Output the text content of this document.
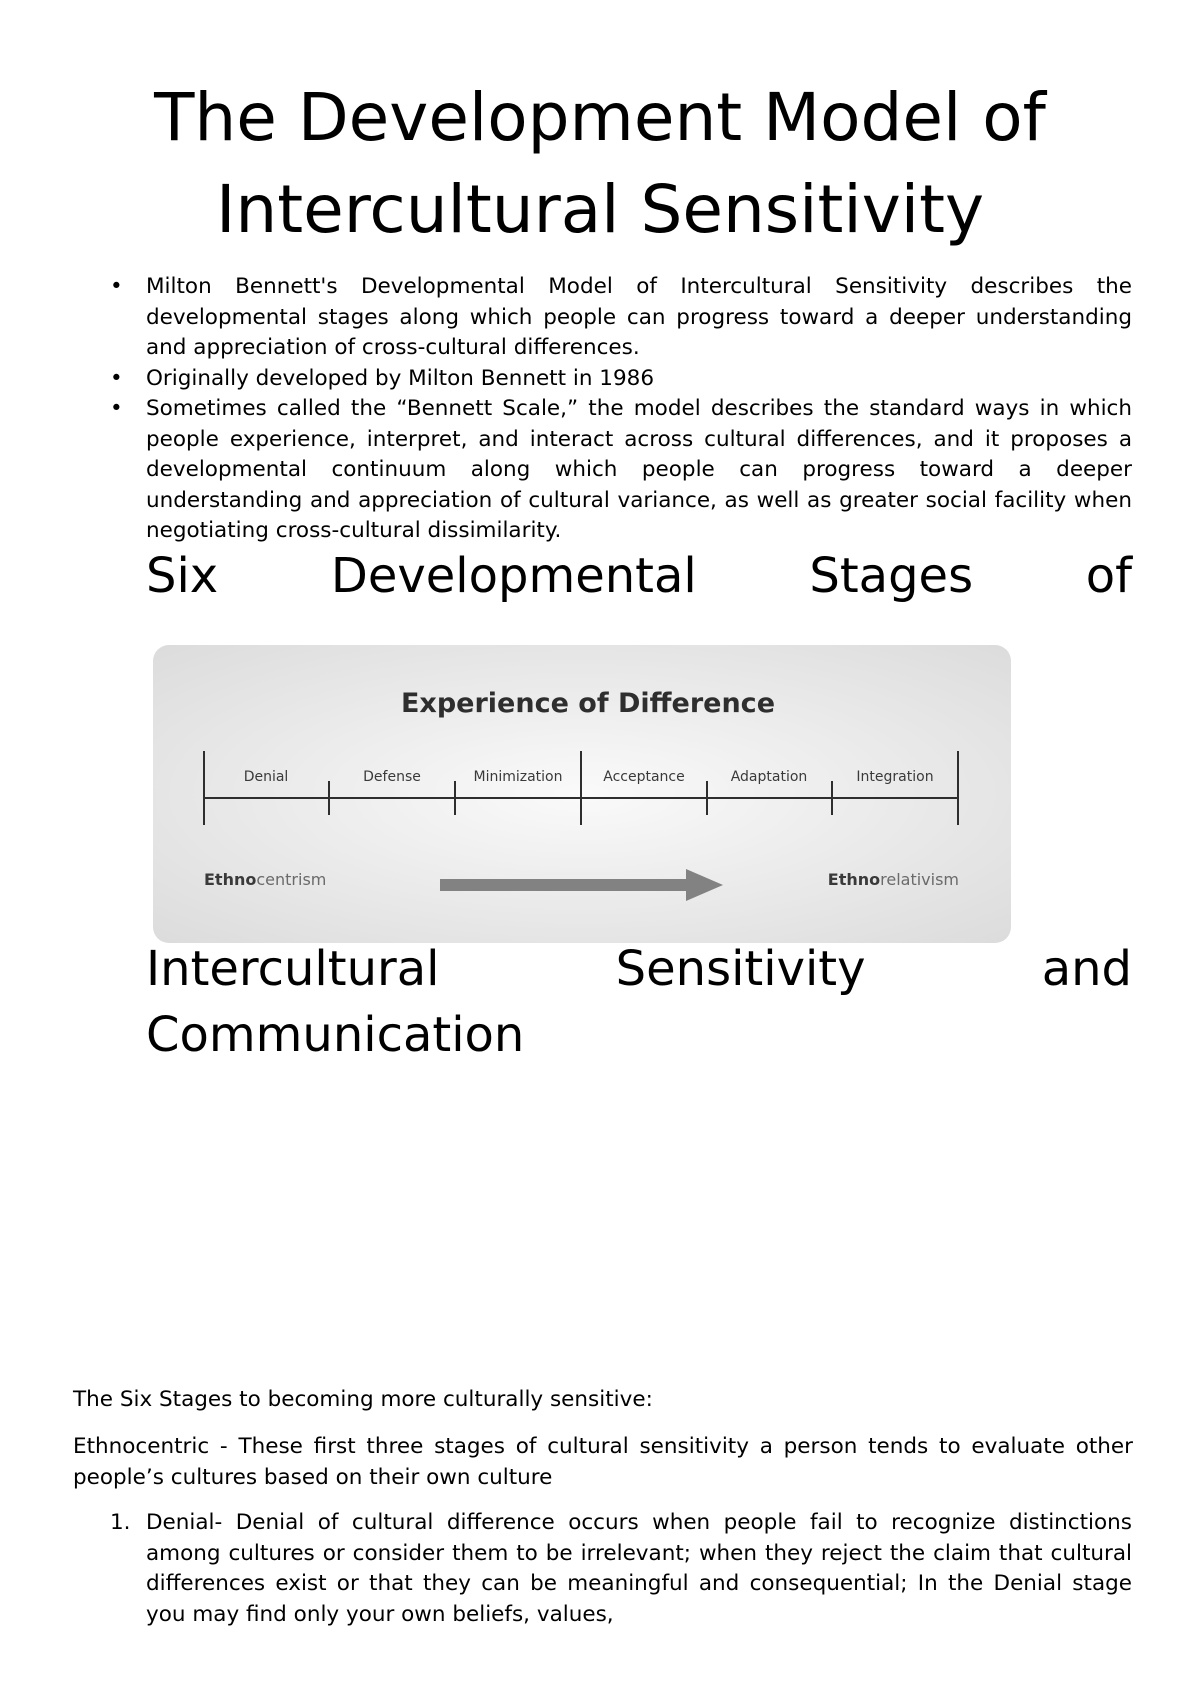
The Development Model of Intercultural Sensitivity
• Milton Bennett's Developmental Model of Intercultural Sensitivity describes the developmental stages along which people can progress toward a deeper understanding and appreciation of cross-cultural differences.
• Originally developed by Milton Bennett in 1986
• Sometimes called the “Bennett Scale,” the model describes the standard ways in which people experience, interpret, and interact across cultural differences, and it proposes a developmental continuum along which people can progress toward a deeper understanding and appreciation of cultural variance, as well as greater social facility when negotiating cross-cultural dissimilarity.
Six Developmental Stages of
Experience of Difference
Denial	Defense	Minimization	Acceptance	Adaptation	Integration
Ethnocentrism	Ethnorelativism
Intercultural Sensitivity and
Communication

The Six Stages to becoming more culturally sensitive:

Ethnocentric - These first three stages of cultural sensitivity a person tends to evaluate other people’s cultures based on their own culture

1. Denial- Denial of cultural difference occurs when people fail to recognize distinctions among cultures or consider them to be irrelevant; when they reject the claim that cultural differences exist or that they can be meaningful and consequential; In the Denial stage you may find only your own beliefs, values,
